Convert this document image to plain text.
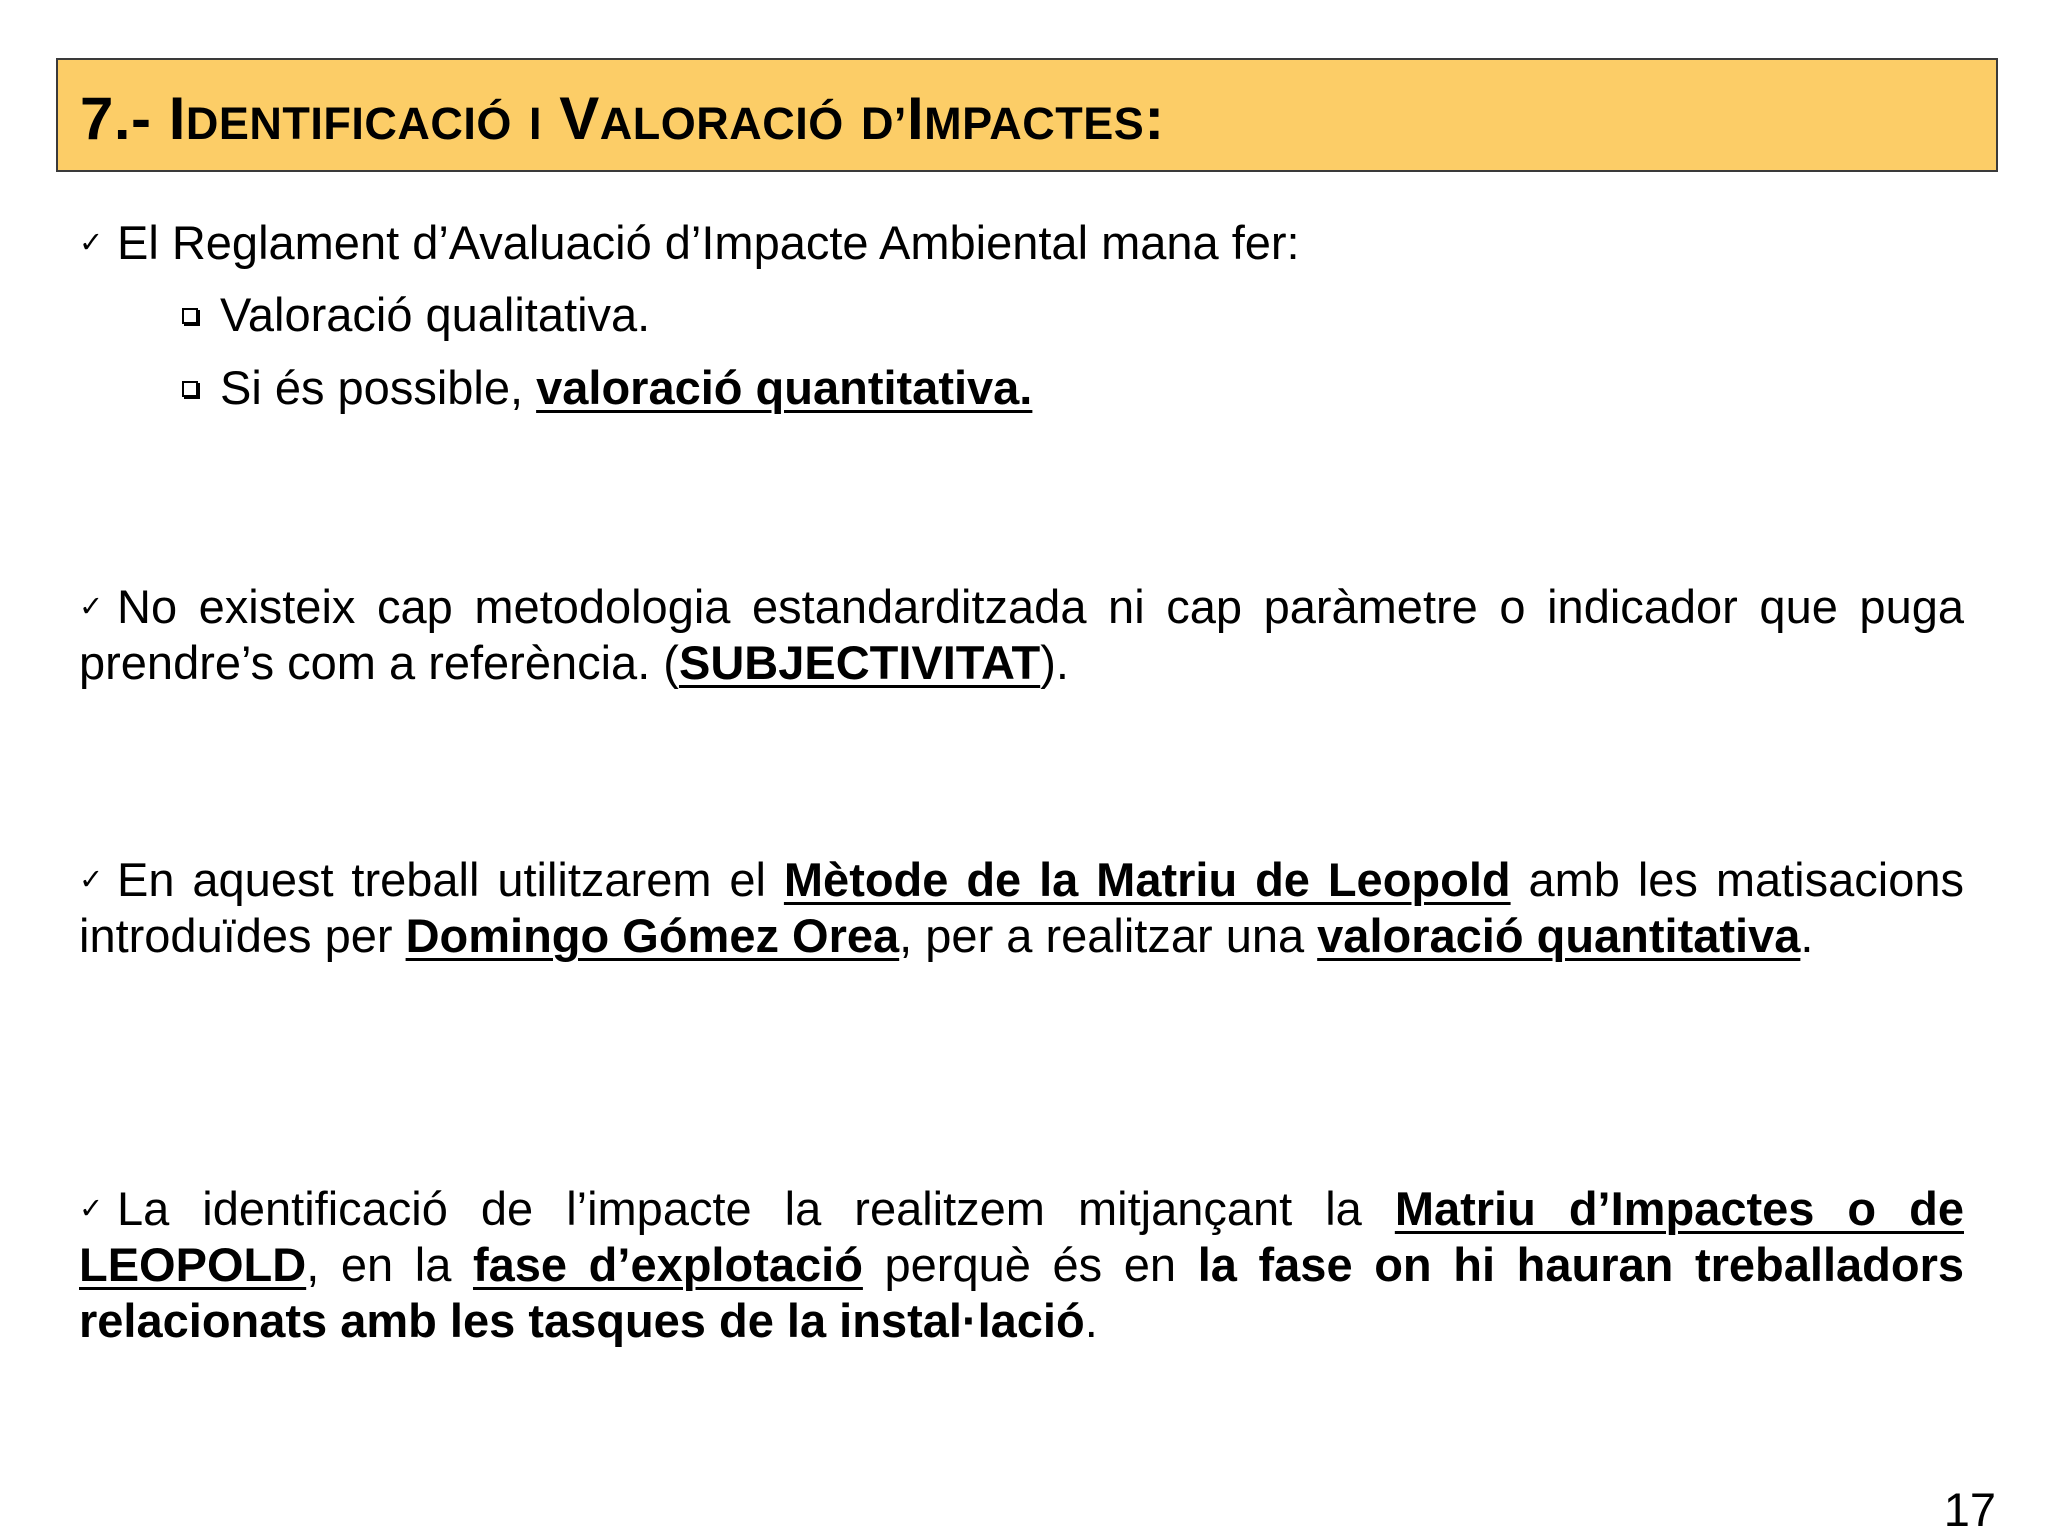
7.- IDENTIFICACIÓ I VALORACIÓ D’IMPACTES:
✓ El Reglament d’Avaluació d’Impacte Ambiental mana fer:
Valoració qualitativa.
Si és possible, valoració quantitativa.

✓ No existeix cap metodologia estandarditzada ni cap paràmetre o indicador que puga prendre’s com a referència. (SUBJECTIVITAT).

✓ En aquest treball utilitzarem el Mètode de la Matriu de Leopold amb les matisacions introduïdes per Domingo Gómez Orea, per a realitzar una valoració quantitativa.

✓ La identificació de l’impacte la realitzem mitjançant la Matriu d’Impactes o de LEOPOLD, en la fase d’explotació perquè és en la fase on hi hauran treballadors relacionats amb les tasques de la instal·lació.

17
